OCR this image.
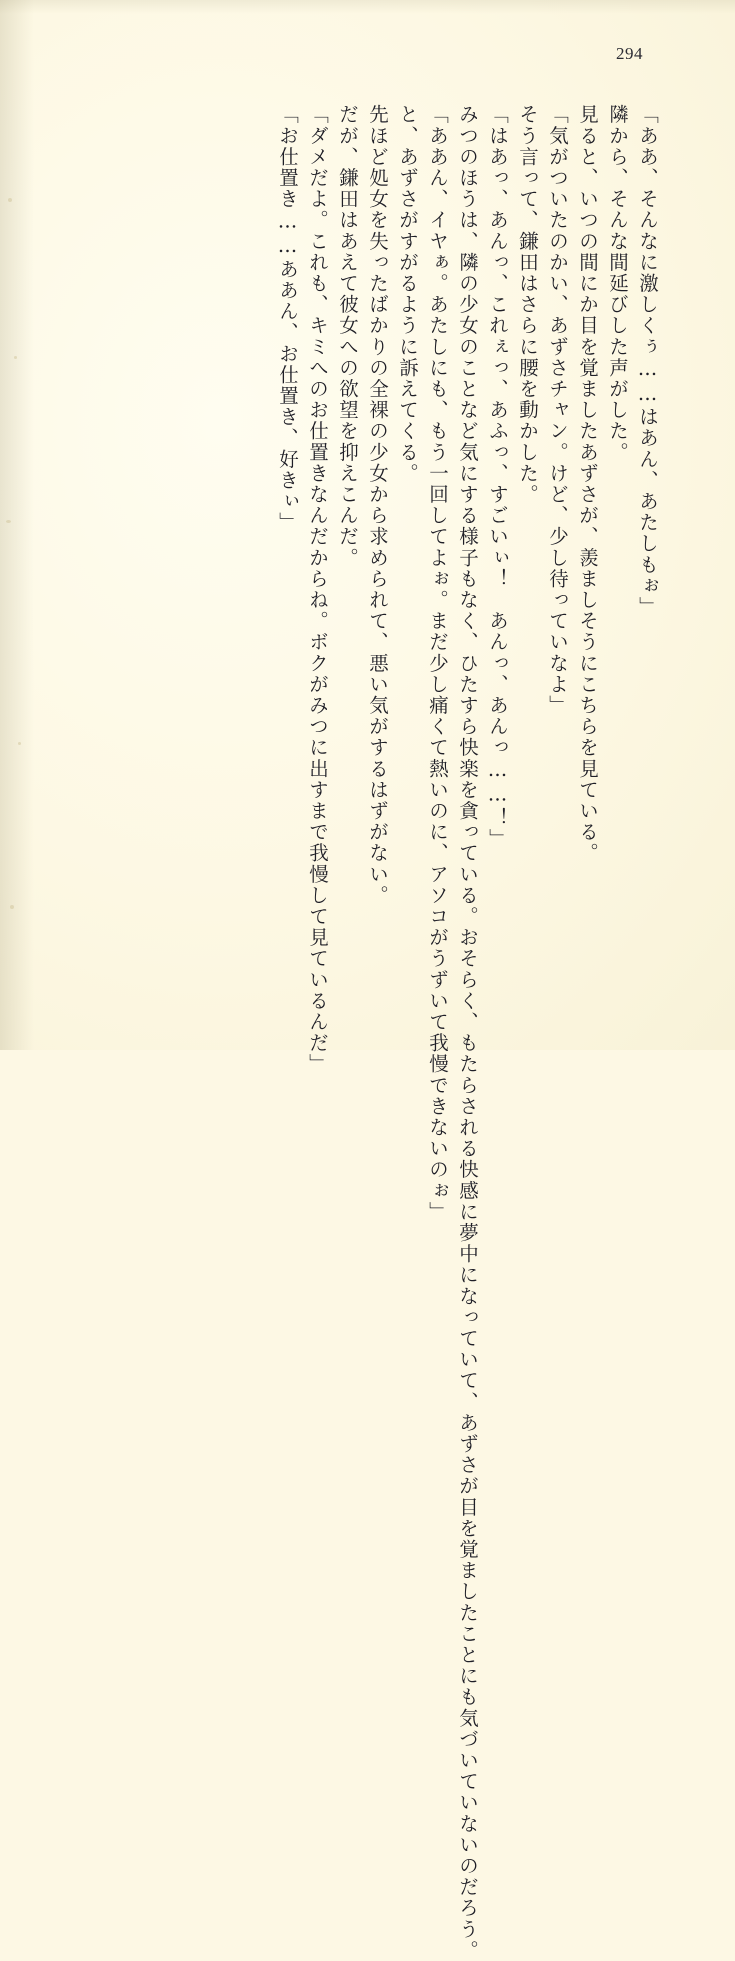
294
「ああ、そんなに激しくぅ……はあん、あたしもぉ」
隣から、そんな間延びした声がした。
見ると、いつの間にか目を覚ましたあずさが、羨ましそうにこちらを見ている。
「気がついたのかい、あずさチャン。けど、少し待っていなよ」
そう言って、鎌田はさらに腰を動かした。
「はあっ、あんっ、これぇっ、あふっ、すごいぃ！　あんっ、あんっ……！」
みつのほうは、隣の少女のことなど気にする様子もなく、ひたすら快楽を貪っている。おそらく、もたらされる快感に夢中になっていて、あずさが目を覚ましたことにも気づいていないのだろう。
「ああん、イヤぁ。あたしにも、もう一回してよぉ。まだ少し痛くて熱いのに、アソコがうずいて我慢できないのぉ」
と、あずさがすがるように訴えてくる。
先ほど処女を失ったばかりの全裸の少女から求められて、悪い気がするはずがない。
だが、鎌田はあえて彼女への欲望を抑えこんだ。
「ダメだよ。これも、キミへのお仕置きなんだからね。ボクがみつに出すまで我慢して見ているんだ」
「お仕置き……ああん、お仕置き、好きぃ」
